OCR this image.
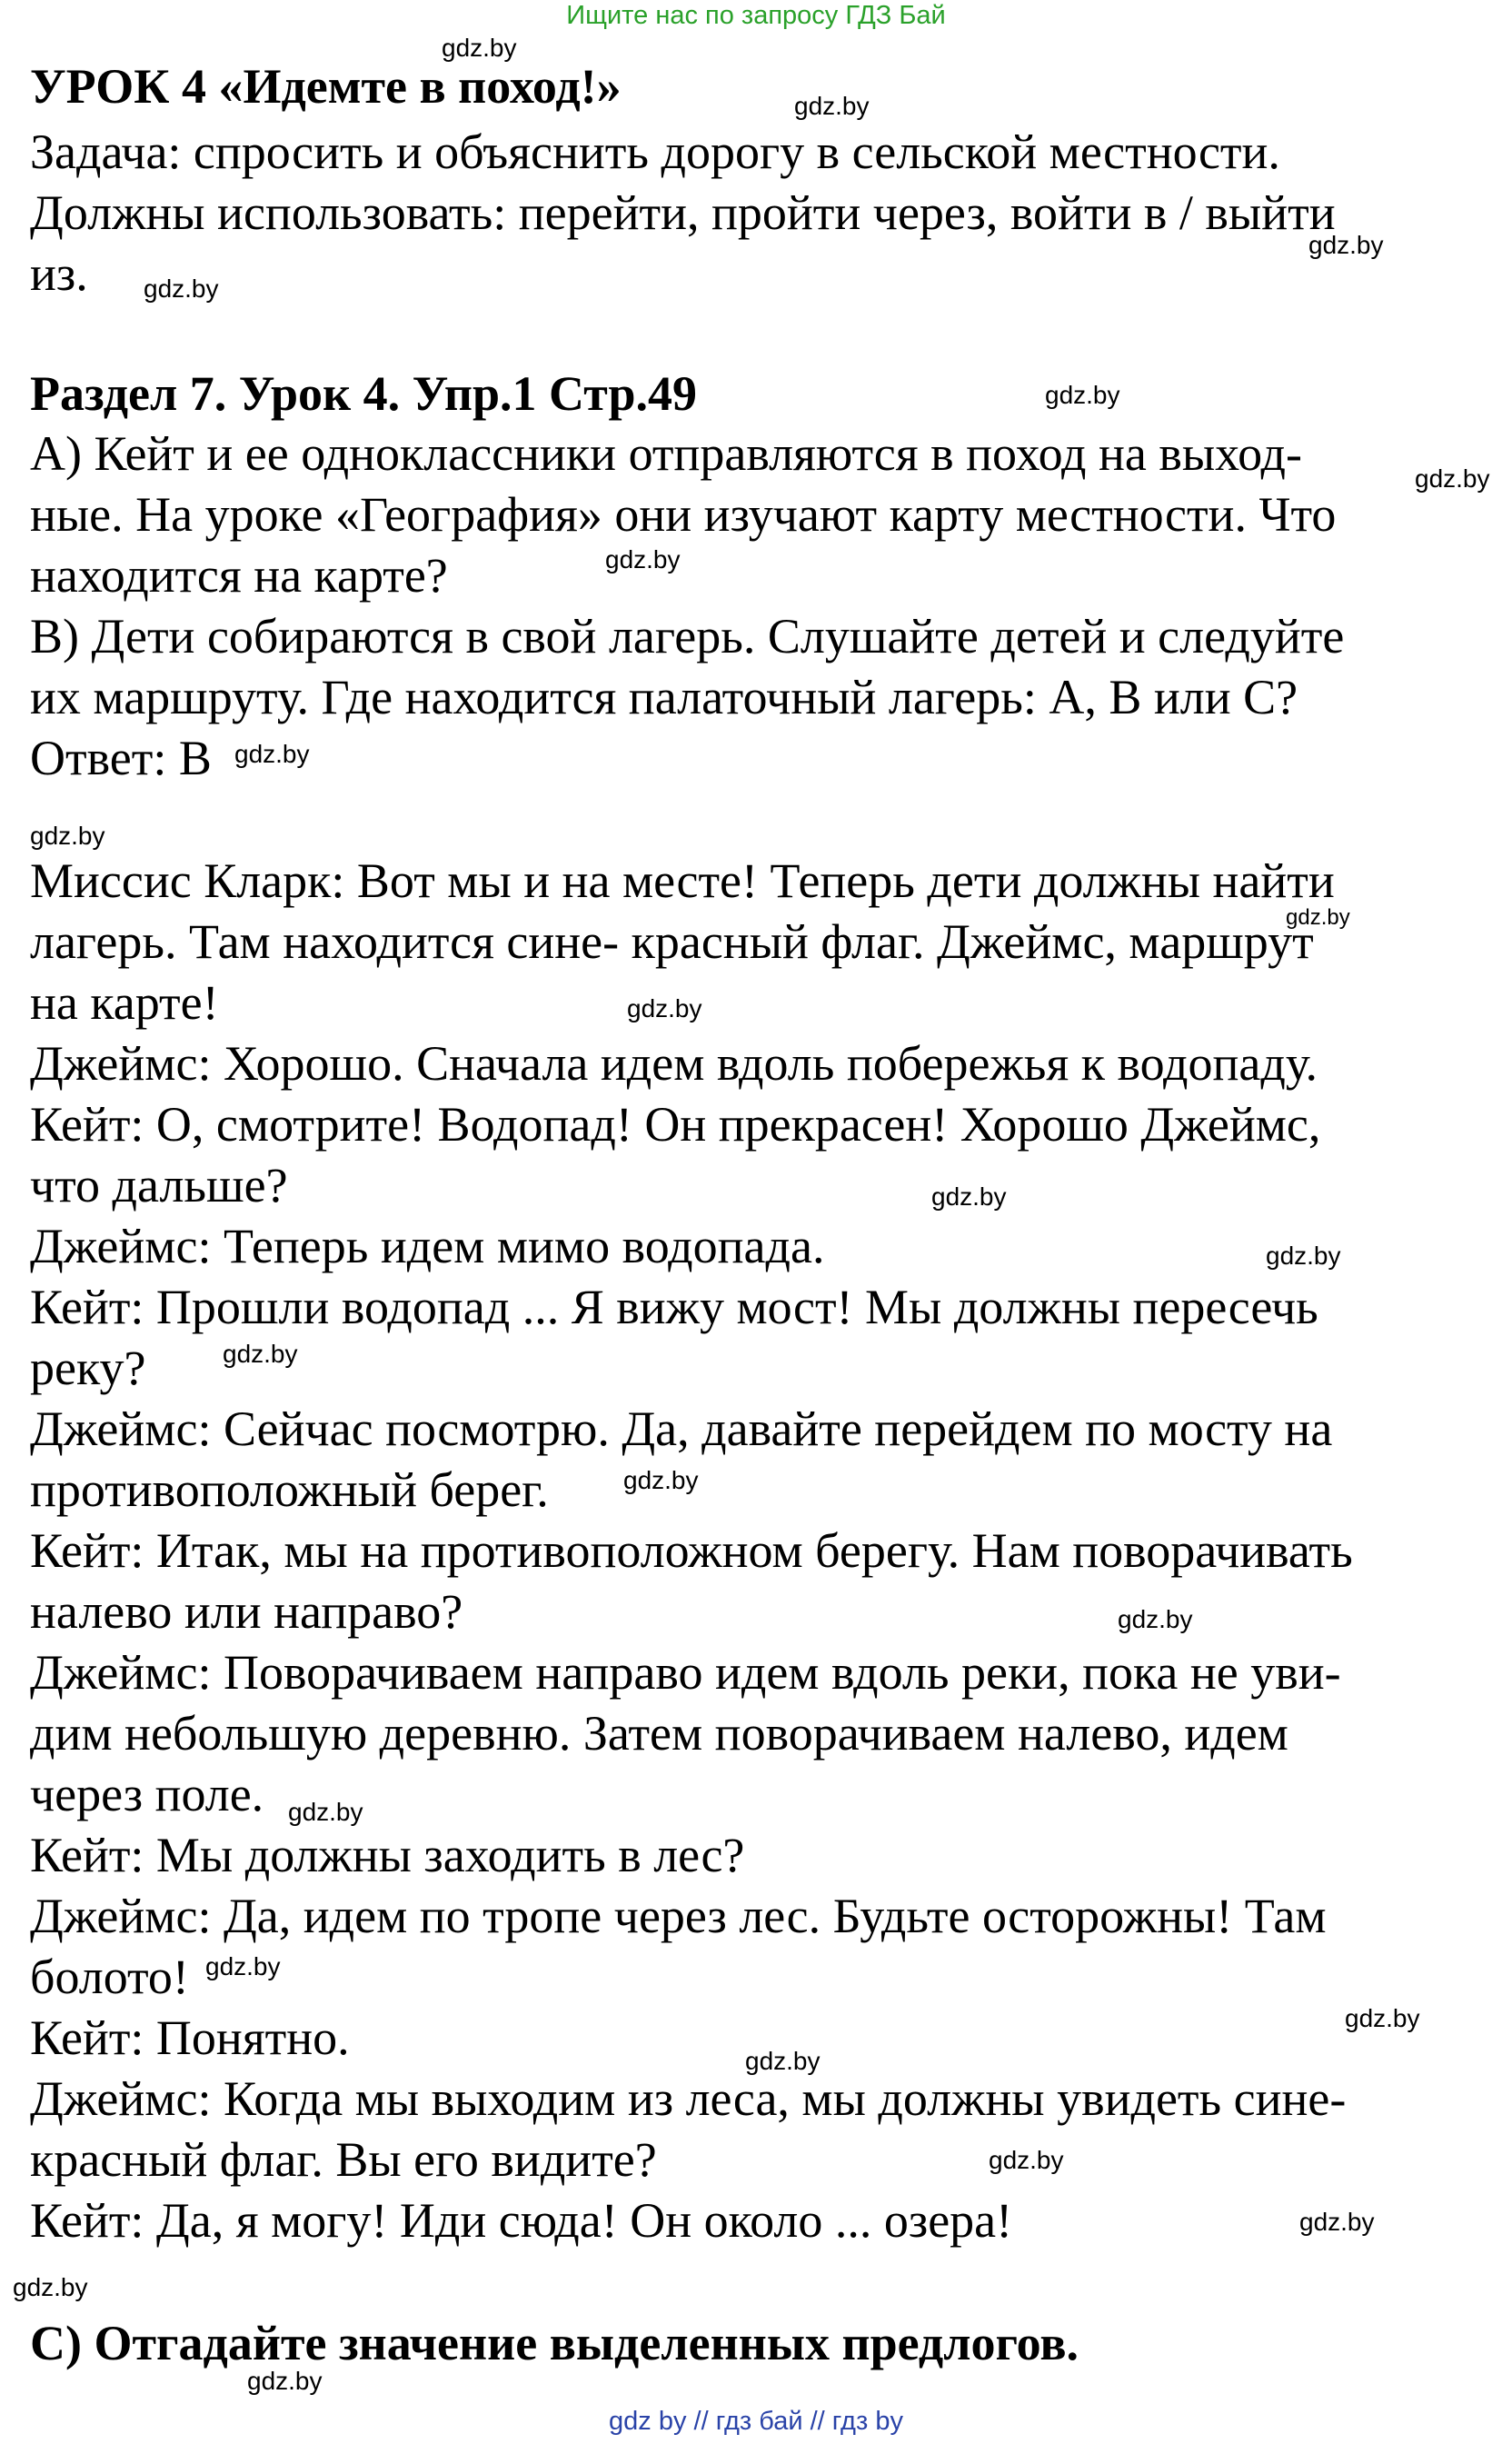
Ищите нас по запросу ГДЗ Бай
УРОК 4 «Идемте в поход!»
Задача: спросить и объяснить дорогу в сельской местности.
Должны использовать: перейти, пройти через, войти в / выйти
из.
Раздел 7. Урок 4. Упр.1 Стр.49
A) Кейт и ее одноклассники отправляются в поход на выход-
ные. На уроке «География» они изучают карту местности. Что
находится на карте?
B) Дети собираются в свой лагерь. Слушайте детей и следуйте
их маршруту. Где находится палаточный лагерь: A, B или C?
Ответ: B
Миссис Кларк: Вот мы и на месте! Теперь дети должны найти
лагерь. Там находится сине- красный флаг. Джеймс, маршрут
на карте!
Джеймс: Хорошо. Сначала идем вдоль побережья к водопаду.
Кейт: О, смотрите! Водопад! Он прекрасен! Хорошо Джеймс,
что дальше?
Джеймс: Теперь идем мимо водопада.
Кейт: Прошли водопад ... Я вижу мост! Мы должны пересечь
реку?
Джеймс: Сейчас посмотрю. Да, давайте перейдем по мосту на
противоположный берег.
Кейт: Итак, мы на противоположном берегу. Нам поворачивать
налево или направо?
Джеймс: Поворачиваем направо идем вдоль реки, пока не уви-
дим небольшую деревню. Затем поворачиваем налево, идем
через поле.
Кейт: Мы должны заходить в лес?
Джеймс: Да, идем по тропе через лес. Будьте осторожны! Там
болото!
Кейт: Понятно.
Джеймс: Когда мы выходим из леса, мы должны увидеть сине-
красный флаг. Вы его видите?
Кейт: Да, я могу! Иди сюда! Он около ... озера!
C) Отгадайте значение выделенных предлогов.
gdz.by
gdz.by
gdz.by
gdz.by
gdz.by
gdz.by
gdz.by
gdz.by
gdz.by
gdz.by
gdz.by
gdz.by
gdz.by
gdz.by
gdz.by
gdz.by
gdz.by
gdz.by
gdz.by
gdz.by
gdz.by
gdz.by
gdz.by
gdz.by
gdz by // гдз бай // гдз by
